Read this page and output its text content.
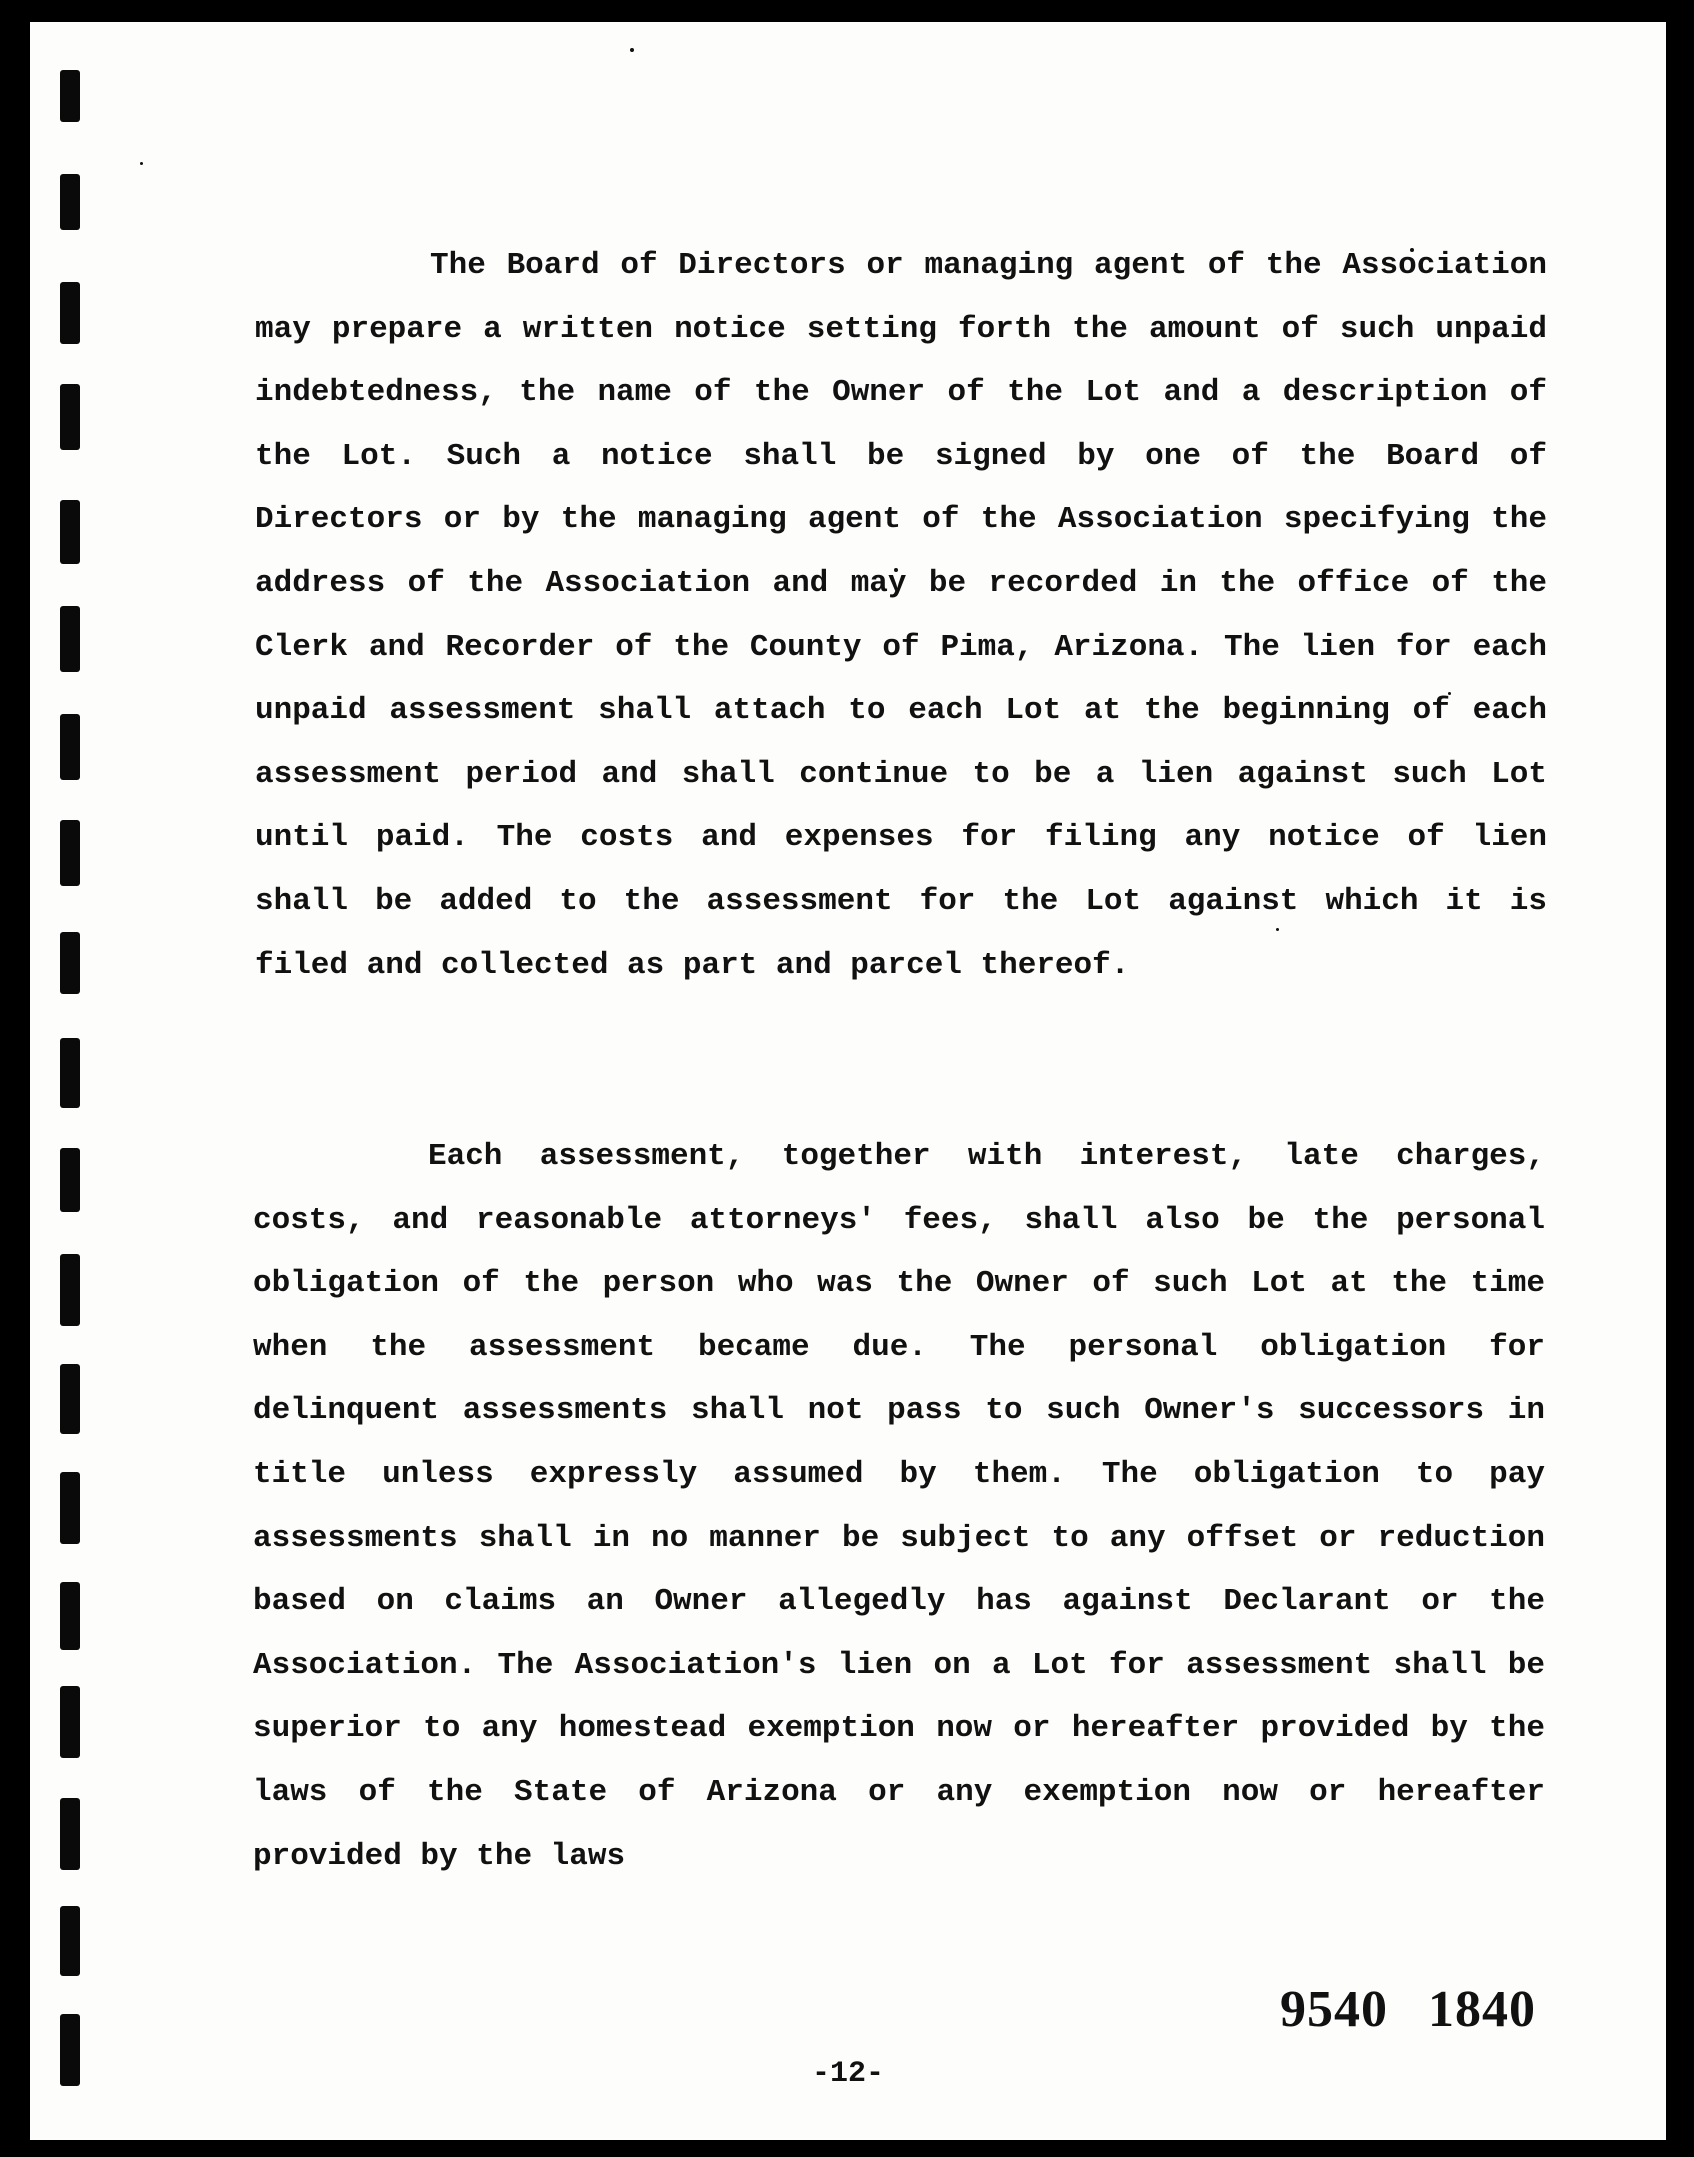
The Board of Directors or managing agent of the Association may prepare a written notice setting forth the amount of such unpaid indebtedness, the name of the Owner of the Lot and a description of the Lot. Such a notice shall be signed by one of the Board of Directors or by the managing agent of the Association specifying the address of the Association and may be recorded in the office of the Clerk and Recorder of the County of Pima, Arizona. The lien for each unpaid assessment shall attach to each Lot at the beginning of each assessment period and shall continue to be a lien against such Lot until paid. The costs and expenses for filing any notice of lien shall be added to the assessment for the Lot against which it is filed and collected as part and parcel thereof.

Each assessment, together with interest, late charges, costs, and reasonable attorneys' fees, shall also be the personal obligation of the person who was the Owner of such Lot at the time when the assessment became due. The personal obligation for delinquent assessments shall not pass to such Owner's successors in title unless expressly assumed by them. The obligation to pay assessments shall in no manner be subject to any offset or reduction based on claims an Owner allegedly has against Declarant or the Association. The Association's lien on a Lot for assessment shall be superior to any homestead exemption now or hereafter provided by the laws of the State of Arizona or any exemption now or hereafter provided by the laws

9540 1840
-12-
